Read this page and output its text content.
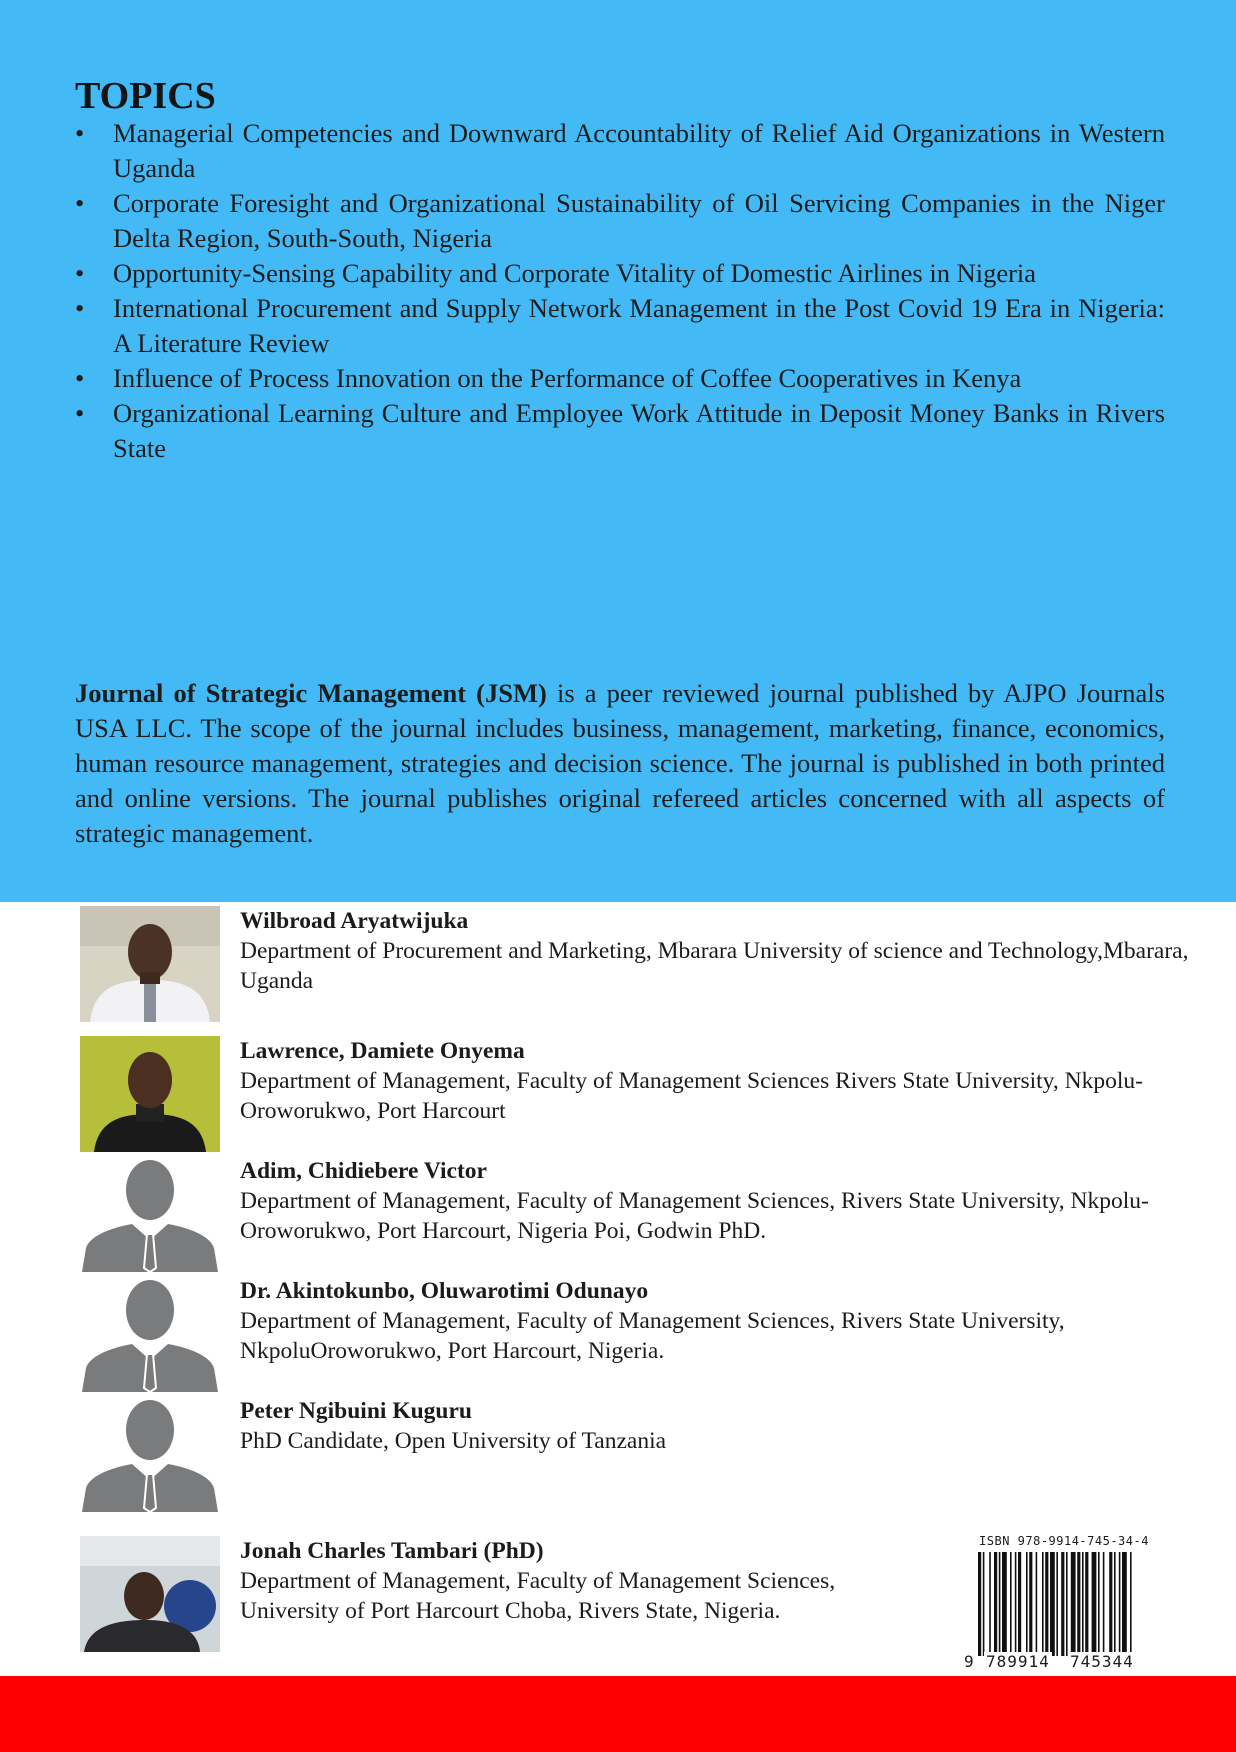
TOPICS
• Managerial Competencies and Downward Accountability of Relief Aid Organizations in Western Uganda
• Corporate Foresight and Organizational Sustainability of Oil Servicing Companies in the Niger Delta Region, South-South, Nigeria
• Opportunity-Sensing Capability and Corporate Vitality of Domestic Airlines in Nigeria
• International Procurement and Supply Network Management in the Post Covid 19 Era in Nigeria: A Literature Review
• Influence of Process Innovation on the Performance of Coffee Cooperatives in Kenya
• Organizational Learning Culture and Employee Work Attitude in Deposit Money Banks in Rivers State

Journal of Strategic Management (JSM) is a peer reviewed journal published by AJPO Journals USA LLC. The scope of the journal includes business, management, marketing, finance, economics, human resource management, strategies and decision science. The journal is published in both printed and online versions. The journal publishes original refereed articles concerned with all aspects of strategic management.

Wilbroad Aryatwijuka
Department of Procurement and Marketing, Mbarara University of science and Technology,Mbarara, Uganda
Lawrence, Damiete Onyema
Department of Management, Faculty of Management Sciences Rivers State University, Nkpolu- Oroworukwo, Port Harcourt
Adim, Chidiebere Victor
Department of Management, Faculty of Management Sciences, Rivers State University, Nkpolu-Oroworukwo, Port Harcourt, Nigeria Poi, Godwin PhD.
Dr. Akintokunbo, Oluwarotimi Odunayo
Department of Management, Faculty of Management Sciences, Rivers State University, NkpoluOroworukwo, Port Harcourt, Nigeria.
Peter Ngibuini Kuguru
PhD Candidate, Open University of Tanzania
Jonah Charles Tambari (PhD)
Department of Management, Faculty of Management Sciences, University of Port Harcourt Choba, Rivers State, Nigeria.
ISBN 978-9914-745-34-4
9 789914 745344
